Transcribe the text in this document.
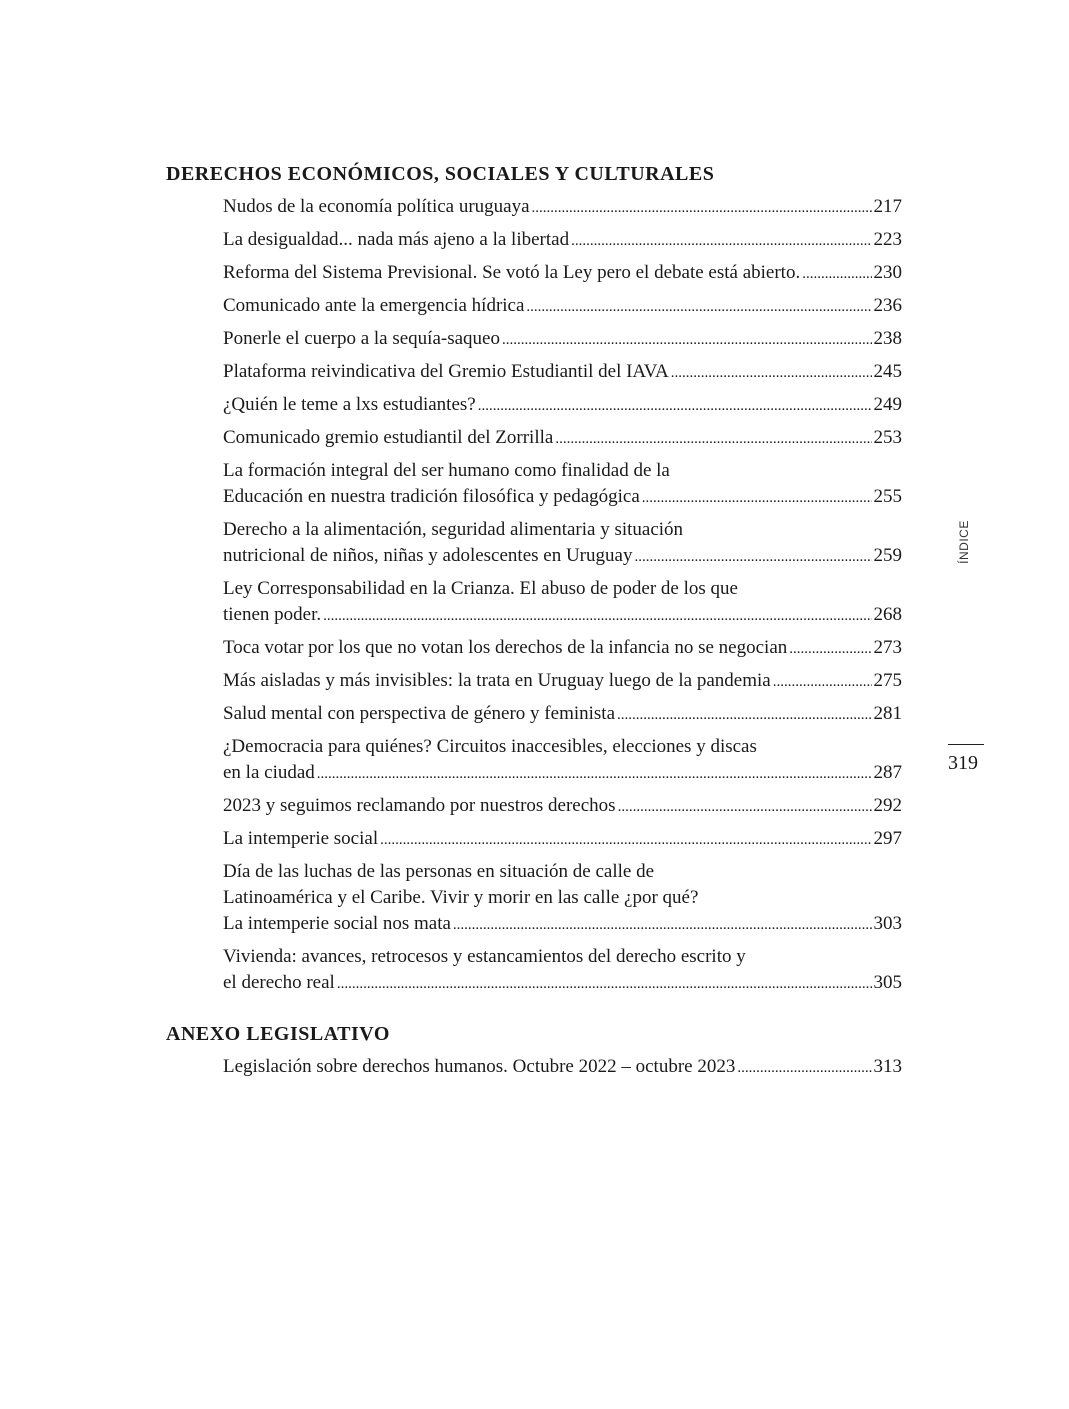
DERECHOS ECONÓMICOS, SOCIALES Y CULTURALES
Nudos de la economía política uruguaya .....	217
La desigualdad... nada más ajeno a la libertad .....	223
Reforma del Sistema Previsional. Se votó la Ley pero el debate está abierto. .....	230
Comunicado ante la emergencia hídrica .....	236
Ponerle el cuerpo a la sequía-saqueo .....	238
Plataforma reivindicativa del Gremio Estudiantil del IAVA .....	245
¿Quién le teme a lxs estudiantes? .....	249
Comunicado gremio estudiantil del Zorrilla .....	253
La formación integral del ser humano como finalidad de la
Educación en nuestra tradición filosófica y pedagógica .....	255
Derecho a la alimentación, seguridad alimentaria y situación
nutricional de niños, niñas y adolescentes en Uruguay .....	259
Ley Corresponsabilidad en la Crianza. El abuso de poder de los que
tienen poder. .....	268
Toca votar por los que no votan los derechos de la infancia no se negocian .....	273
Más aisladas y más invisibles: la trata en Uruguay luego de la pandemia .....	275
Salud mental con perspectiva de género y feminista .....	281
¿Democracia para quiénes? Circuitos inaccesibles, elecciones y discas
en la ciudad .....	287
2023 y seguimos reclamando por nuestros derechos .....	292
La intemperie social .....	297
Día de las luchas de las personas en situación de calle de
Latinoamérica y el Caribe. Vivir y morir en las calle ¿por qué?
La intemperie social nos mata .....	303
Vivienda: avances, retrocesos y estancamientos del derecho escrito y
el derecho real .....	305
ANEXO LEGISLATIVO
Legislación sobre derechos humanos. Octubre 2022 – octubre 2023 .....	313
ÍNDICE
319
